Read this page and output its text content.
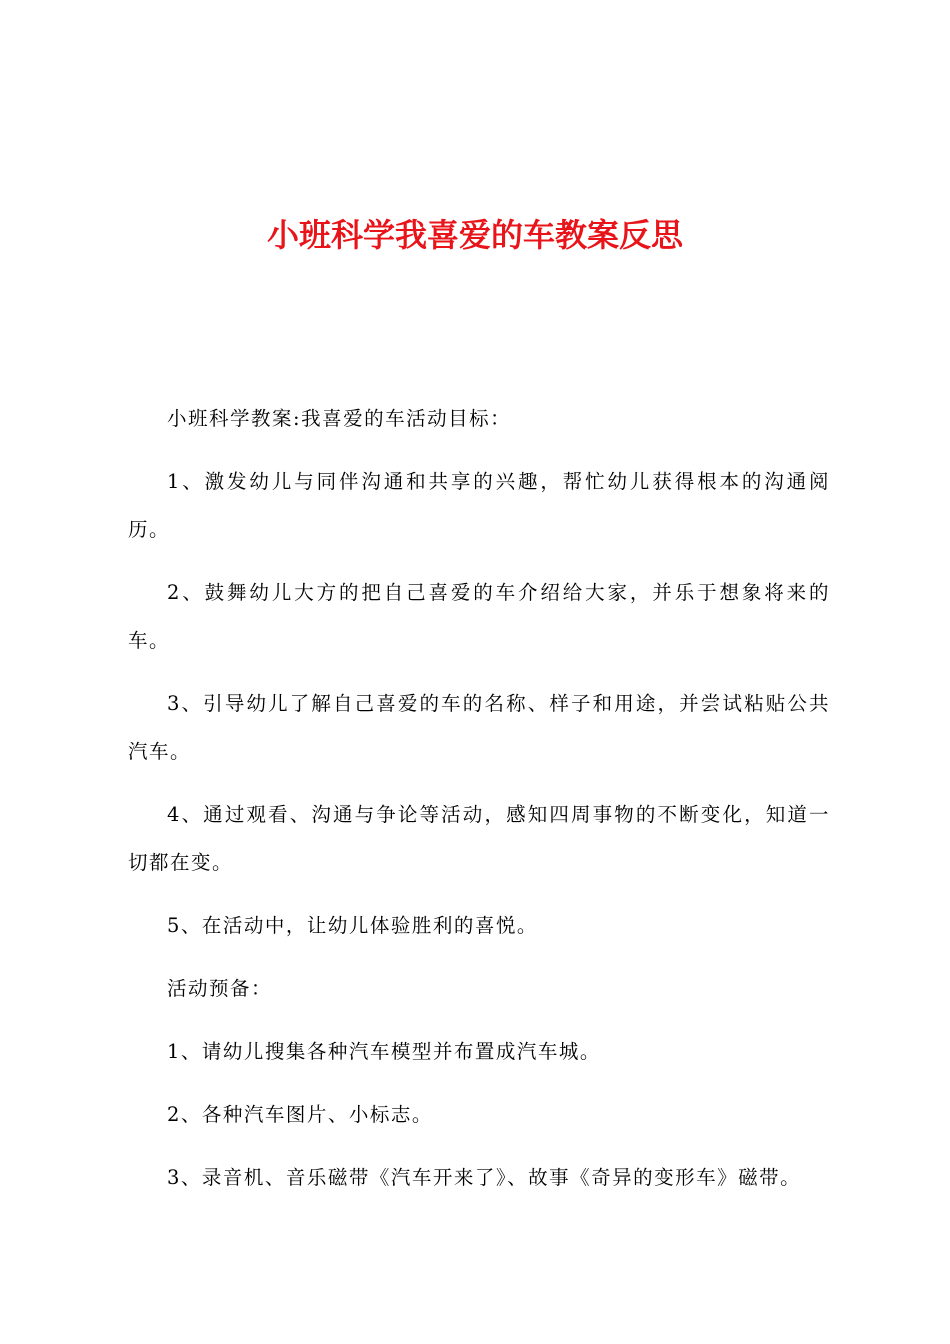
小班科学我喜爱的车教案反思

小班科学教案:我喜爱的车活动目标：

1、激发幼儿与同伴沟通和共享的兴趣，帮忙幼儿获得根本的沟通阅历。

2、鼓舞幼儿大方的把自己喜爱的车介绍给大家，并乐于想象将来的车。

3、引导幼儿了解自己喜爱的车的名称、样子和用途，并尝试粘贴公共汽车。

4、通过观看、沟通与争论等活动，感知四周事物的不断变化，知道一切都在变。

5、在活动中，让幼儿体验胜利的喜悦。

活动预备：

1、请幼儿搜集各种汽车模型并布置成汽车城。

2、各种汽车图片、小标志。

3、录音机、音乐磁带《汽车开来了》、故事《奇异的变形车》磁带。
